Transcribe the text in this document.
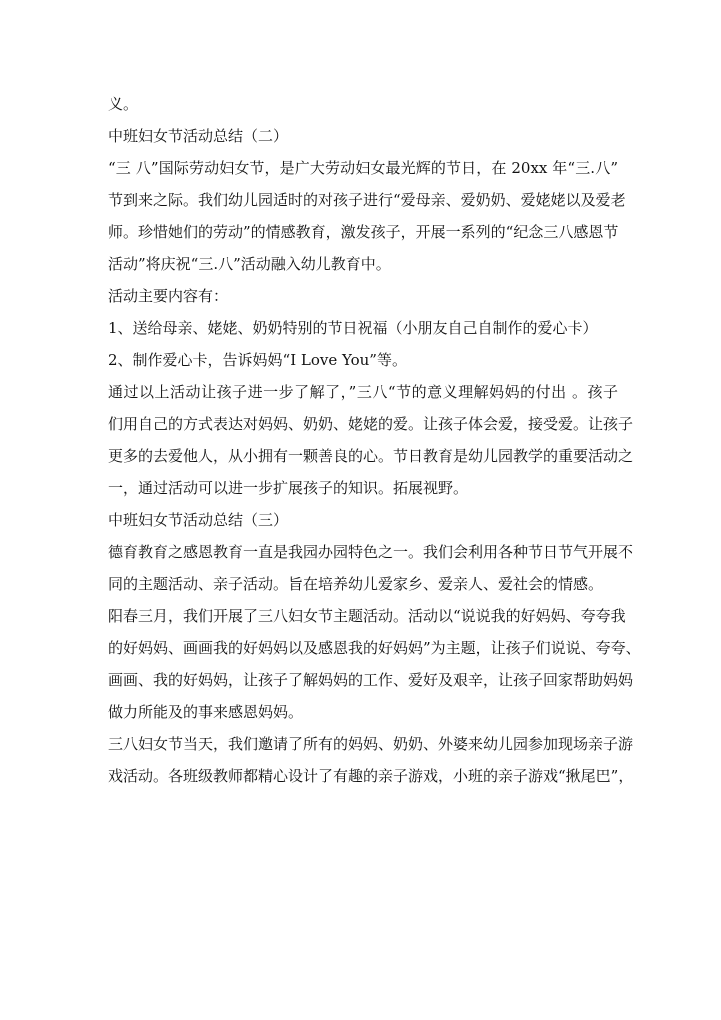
义。
中班妇女节活动总结（二）
“三 八”国际劳动妇女节，是广大劳动妇女最光辉的节日，在 20xx 年“三.八”
节到来之际。我们幼儿园适时的对孩子进行“爱母亲、爱奶奶、爱姥姥以及爱老
师。珍惜她们的劳动”的情感教育，激发孩子，开展一系列的“纪念三八感恩节
活动”将庆祝“三.八”活动融入幼儿教育中。
活动主要内容有：
1、送给母亲、姥姥、奶奶特别的节日祝福（小朋友自己自制作的爱心卡）
2、制作爱心卡，告诉妈妈“I Love You”等。
通过以上活动让孩子进一步了解了，”三八“节的意义理解妈妈的付出 。孩子
们用自己的方式表达对妈妈、奶奶、姥姥的爱。让孩子体会爱，接受爱。让孩子
更多的去爱他人，从小拥有一颗善良的心。节日教育是幼儿园教学的重要活动之
一，通过活动可以进一步扩展孩子的知识。拓展视野。
中班妇女节活动总结（三）
德育教育之感恩教育一直是我园办园特色之一。我们会利用各种节日节气开展不
同的主题活动、亲子活动。旨在培养幼儿爱家乡、爱亲人、爱社会的情感。
阳春三月，我们开展了三八妇女节主题活动。活动以“说说我的好妈妈、夸夸我
的好妈妈、画画我的好妈妈以及感恩我的好妈妈”为主题，让孩子们说说、夸夸、
画画、我的好妈妈，让孩子了解妈妈的工作、爱好及艰辛，让孩子回家帮助妈妈
做力所能及的事来感恩妈妈。
三八妇女节当天，我们邀请了所有的妈妈、奶奶、外婆来幼儿园参加现场亲子游
戏活动。各班级教师都精心设计了有趣的亲子游戏，小班的亲子游戏“揪尾巴”，
